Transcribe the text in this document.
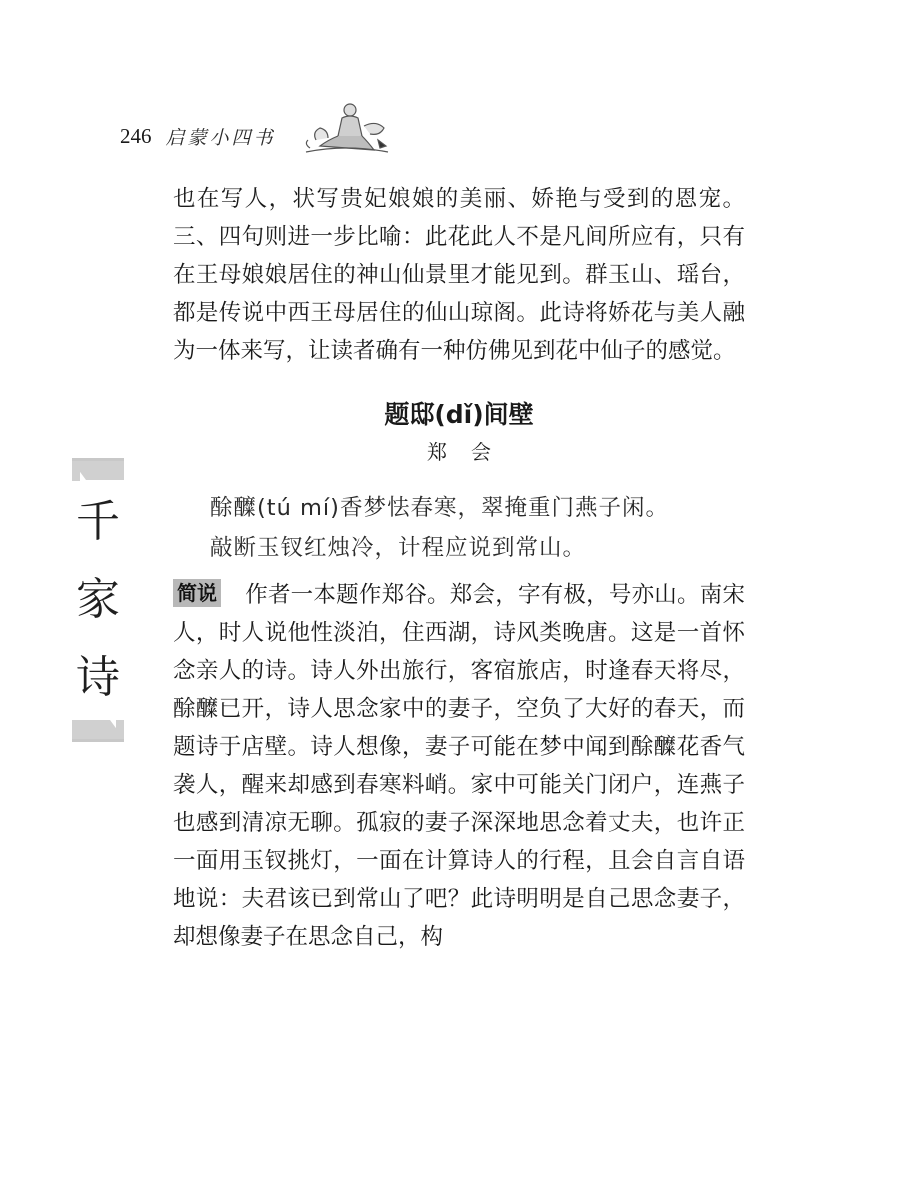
246 启蒙小四书
千
家
诗

也在写人，状写贵妃娘娘的美丽、娇艳与受到的恩宠。三、四句则进一步比喻：此花此人不是凡间所应有，只有在王母娘娘居住的神山仙景里才能见到。群玉山、瑶台，都是传说中西王母居住的仙山琼阁。此诗将娇花与美人融为一体来写，让读者确有一种仿佛见到花中仙子的感觉。

题邸(dǐ)间壁
郑会
酴醾(tú mí)香梦怯春寒，翠掩重门燕子闲。
敲断玉钗红烛冷，计程应说到常山。

简说 作者一本题作郑谷。郑会，字有极，号亦山。南宋人，时人说他性淡泊，住西湖，诗风类晚唐。这是一首怀念亲人的诗。诗人外出旅行，客宿旅店，时逢春天将尽，酴醾已开，诗人思念家中的妻子，空负了大好的春天，而题诗于店壁。诗人想像，妻子可能在梦中闻到酴醾花香气袭人，醒来却感到春寒料峭。家中可能关门闭户，连燕子也感到清凉无聊。孤寂的妻子深深地思念着丈夫，也许正一面用玉钗挑灯，一面在计算诗人的行程，且会自言自语地说：夫君该已到常山了吧？此诗明明是自己思念妻子，却想像妻子在思念自己，构
